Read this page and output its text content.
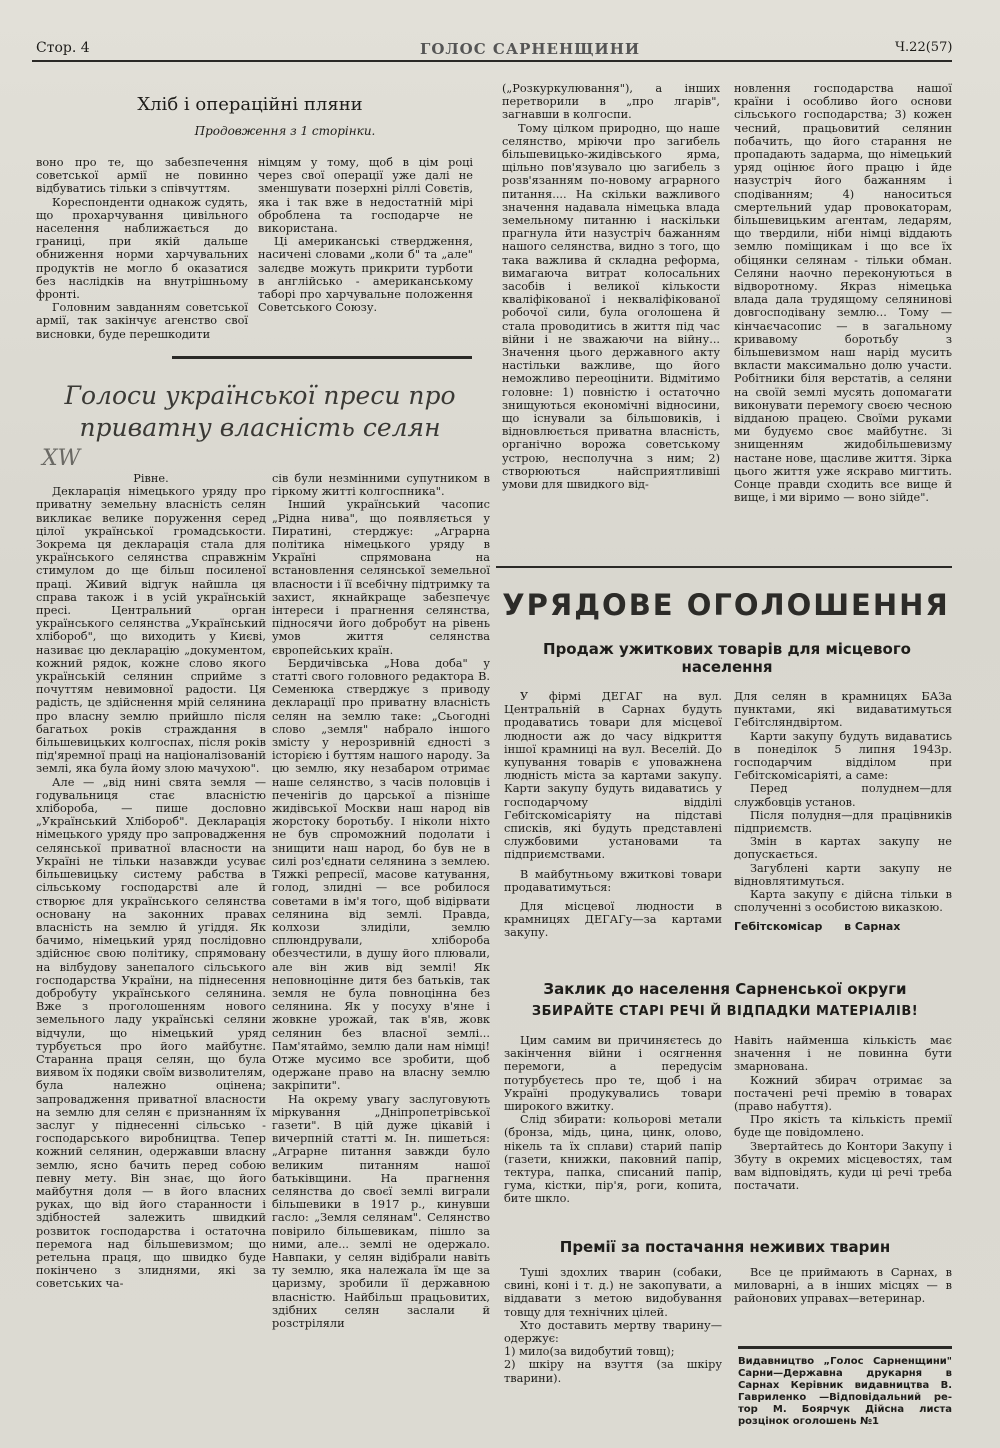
Стор. 4	ГОЛОС САРНЕНЩИНИ	Ч.22(57)
Хліб і операційні пляни
Продовження з 1 сторінки.

воно про те, що забезпечення советської армії не повинно відбуватись тільки з співчуттям.

Кореспонденти однакож судять, що прохарчування цивільного населення наближається до границі, при якій дальше обниження норми харчувальних продуктів не могло б оказатися без наслідків на внутрішньому фронті.

Головним завданням советської армії, так закінчує агенство свої висновки, буде перешкодити

німцям у тому, щоб в цім році через свої операції уже далі не зменшувати позерхні ріллі Совєтів, яка і так вже в недостатній мірі оброблена та господарче не використана.

Ці американські ствердження, насичені словами „коли б" та „але" залєдве можуть прикрити турботи в англійсько - американському таборі про харчувальне положення Советського Союзу.

Голоси української преси про
приватну власність селян
XW

Рівне.

Декларація німецького уряду про приватну земельну власність селян викликає велике поруження серед цілої української громадськости. Зокрема ця декларація стала для українського селянства справжнім стимулом до ще більш посиленої праці. Живий відгук найшла ця справа також і в усій українській пресі. Центральний орган українського селянства „Український хлібороб", що виходить у Києві, називає цю декларацію „документом, кожний рядок, кожне слово якого українській селянин сприйме з почуттям невимовної радости. Ця радість, це здійснення мрій селянина про власну землю прийшло після багатьох років страждання в більшевицьких колгоспах, після років під'яремної праці на націоналізованій землі, яка була йому злою мачухою".

Але — „від нині свята земля — годувальниця стає власністю хлібороба, — пише дословно „Український Хлібороб". Декларація німецького уряду про запровадження селянської приватної власности на Україні не тільки назавжди усуває більшевицьку систему рабства в сільському господарстві але й створює для українського селянства основану на законних правах власність на землю й угіддя. Як бачимо, німецький уряд послідовно здійснює свою політику, спрямовану на вілбудову занепалого сільського господарства України, на піднесення добробуту українського селянина. Вже з проголошенням нового земельного ладу українські селяни відчули, що німецький уряд турбується про його майбутнє. Старанна праця селян, що була виявом їх подяки своїм визволителям, була належно оцінена; запровадження приватної власности на землю для селян є признанням їх заслуг у піднесенні сільсько - господарського виробництва. Тепер кожний селянин, одержавши власну землю, ясно бачить перед собою певну мету. Він знає, що його майбутня доля — в його власних руках, що від його старанности і здібностей залежить швидкий розвиток господарства і остаточна перемога над більшевизмом; що ретельна праця, що швидко буде покінчено з злиднями, які за советських ча-

сів були незмінними супутником в гіркому житті колгоспника".

Інший український часопис „Рідна нива", що появляється у Пиратині, стерджує: „Аграрна політика німецького уряду в Україні спрямована на встановлення селянської земельної власности і її всебічну підтримку та захист, якнайкраще забезпечує інтереси і прагнення селянства, підносячи його добробут на рівень умов життя селянства європейських країн.

Бердичівська „Нова доба" у статті свого головного редактора В. Семенюка стверджує з приводу декларації про приватну власність селян на землю таке: „Сьогодні слово „земля" набрало іншого змісту у нерозривній єдності з історією і буттям нашого народу. За цю землю, яку незабаром отримає наше селянство, з часів половців і печенігів до царської а пізніше жидівської Москви наш народ вів жорстоку боротьбу. І ніколи ніхто не був спроможний подолати і знищити наш народ, бо був не в силі роз'єднати селянина з землею. Тяжкі репресії, масове катування, голод, злидні — все робилося советами в ім'я того, щоб відірвати селянина від землі. Правда, колхози злиділи, землю сплюндрували, хлібороба обезчестили, в душу його плювали, але він жив від землі! Як неповноцінне дитя без батьків, так земля не була повноцінна без селянина. Як у посуху в'яне і жовкне урожай, так в'яв, жовк селянин без власної землі... Пам'ятаймо, землю дали нам німці! Отже мусимо все зробити, щоб одержане право на власну землю закріпити".

На окрему увагу заслуговують міркування „Дніпропетрівської газети". В цій дуже цікавій і вичерпній статті м. Ін. пишеться: „Аграрне питання завжди було великим питанням нашої батьківщини. На прагнення селянства до своєї землі виграли більшевики в 1917 р., кинувши гасло: „Земля селянам". Селянство повірило більшевикам, пішло за ними, але... землі не одержало. Навпаки, у селян відібрали навіть ту землю, яка належала їм ще за царизму, зробили її державною власністю. Найбільш працьовитих, здібних селян заслали й розстріляли

(„Розкуркулювання"), а інших перетворили в „про лгарів", загнавши в колгоспи.

Тому цілком природно, що наше селянство, мріючи про загибель більшевицько-жидівського ярма, щільно пов'язувало цю загибель з розв'язанням по-новому аграрного питання.... На скільки важливого значення надавала німецька влада земельному питанню і наскільки прагнула йти назустріч бажанням нашого селянства, видно з того, що така важлива й складна реформа, вимагаюча витрат колосальних засобів і великої кількости кваліфікованої і некваліфікованої робочої сили, була оголошена й стала проводитись в життя під час війни і не зважаючи на війну... Значення цього державного акту настільки важливе, що його неможливо переоцінити. Відмітимо головне: 1) повністю і остаточно знищуються економічні відносини, що існували за більшовиків, і відновлюється приватна власність, органічно ворожа советському устрою, несполучна з ним; 2) створюються найсприятливіші умови для швидкого від-

новлення господарства нашої країни і особливо його основи сільського господарства; 3) кожен чесний, працьовитий селянин побачить, що його старання не пропадають задарма, що німецький уряд оцінює його працю і йде назустріч його бажанням і сподіванням; 4) наноситься смертельний удар провокаторам, більшевицьким агентам, ледарям, що твердили, ніби німці віддають землю поміщикам і що все їх обіцянки селянам - тільки обман. Селяни наочно переконуються в відворотному. Якраз німецька влада дала трудящому селянинові довгосподівану землю... Тому — кінчаєчасопис — в загальному кривавому боротьбу з більшевизмом наш нарід мусить вкласти максимально долю участи. Робітники біля верстатів, а селяни на своїй землі мусять допомагати виконувати перемогу своєю чесною відданою працею. Своїми руками ми будуємо своє майбутнє. Зі знищенням жидобільшевизму настане нове, щасливе життя. Зірка цього життя уже яскраво мигтить. Сонце правди сходить все вище й вище, і ми віримо — воно зійде".

УРЯДОВЕ ОГОЛОШЕННЯ
Продаж ужиткових товарів для місцевого населення

У фірмі ДЕГАГ на вул. Центральній в Сарнах будуть продаватись товари для місцевої людности аж до часу відкриття іншої крамниці на вул. Веселій. До купування товарів є уповажнена людність міста за картами закупу. Карти закупу будуть видаватись у господарчому відділі Гебітскомісаріяту на підставі списків, які будуть представлені службовими установами та підприємствами.

В майбутньому вжиткові товари продаватимуться:

Для місцевої людности в крамницях ДЕГАГу—за картами закупу.

Для селян в крамницях БАЗа пунктами, які видаватимуться Гебітсляндвіртом.

Карти закупу будуть видаватись в понеділок 5 липня 1943р. господарчим відділом при Гебітскомісаріяті, а саме:

Перед полуднем—для службовців установ.

Після полудня—для працівників підприємств.

Змін в картах закупу не допускається.

Загублені карти закупу не відновлятимуться.

Карта закупу є дійсна тільки в сполученні з особистою виказкою.

Гебітскомісар в Сарнах
Заклик до населення Сарненської округи
ЗБИРАЙТЕ СТАРІ РЕЧІ Й ВІДПАДКИ МАТЕРІАЛІВ!

Цим самим ви причиняєтесь до закінчення війни і осягнення перемоги, а передусім потурбуєтесь про те, щоб і на Україні продукувались товари широкого вжитку.

Слід збирати: кольорові метали (бронза, мідь, цина, цинк, олово, нікель та їх сплави) старий папір (газети, книжки, паковний папір, тектура, папка, списаний папір, гума, кістки, пір'я, роги, копита, бите шкло.

Навіть найменша кількість має значення і не повинна бути змарнована.

Кожний збирач отримає за постачені речі премію в товарах (право набуття).

Про якість та кількість премії буде ще повідомлено.

Звертайтесь до Контори Закупу і Збуту в окремих місцевостях, там вам відповідять, куди ці речі треба постачати.

Премії за постачання неживих тварин

Туші здохлих тварин (собаки, свині, коні і т. д.) не закопувати, а віддавати з метою видобування товщу для технічних цілей.

Хто доставить мертву тварину—одержує:

1) мило(за видобутий товщ);

2) шкіру на взуття (за шкіру тварини).

Все це приймають в Сарнах, в миловарні, а в інших місцях — в районових управах—ветеринар.

Видавництво „Голос Сарненщини" Сарни—Державна друкарня в Сарнах Керівник видавництва В. Гавриленко —Відповідальний ре-тор М. Боярчук Дійсна листа розцінок оголошень №1
